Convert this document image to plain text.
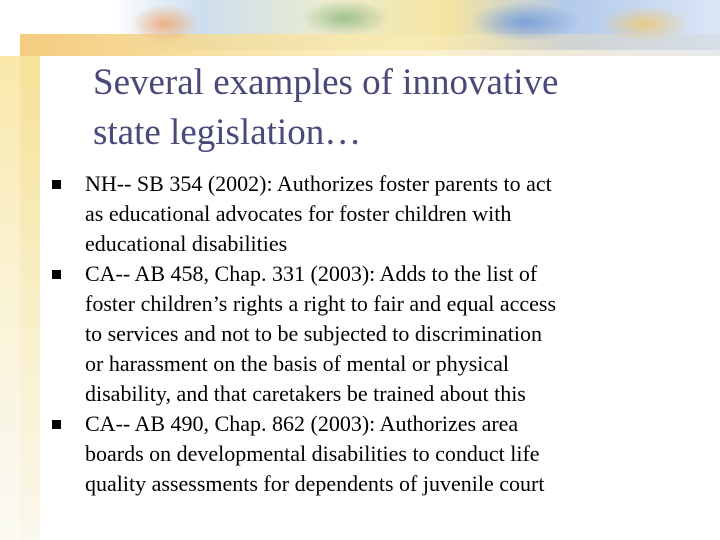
Several examples of innovative
state legislation…
NH-- SB 354 (2002): Authorizes foster parents to act
as educational advocates for foster children with
educational disabilities
CA-- AB 458, Chap. 331 (2003): Adds to the list of
foster children’s rights a right to fair and equal access
to services and not to be subjected to discrimination
or harassment on the basis of mental or physical
disability, and that caretakers be trained about this
CA-- AB 490, Chap. 862 (2003): Authorizes area
boards on developmental disabilities to conduct life
quality assessments for dependents of juvenile court
